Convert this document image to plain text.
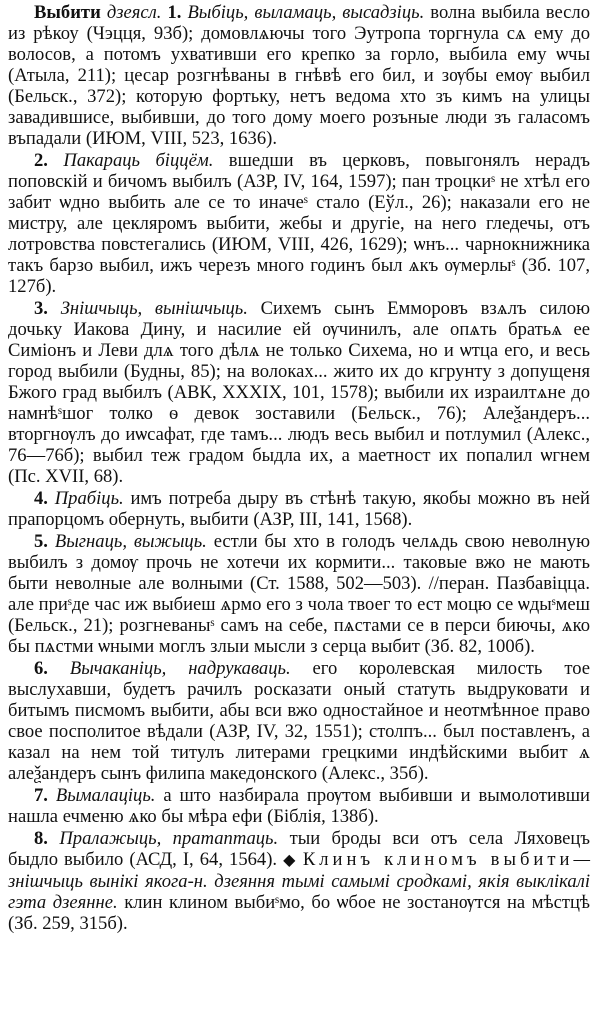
Выбити дзеясл. 1. Выбіць, выламаць, высадзіць. волна выбила весло из рѣкоу (Чэцця, 93б); домовлѧючы того Эутропа торгнула сѧ ему до волосов, а потомъ ухвативши его крепко за горло, выбила ему ѡчы (Атыла, 211); цесар розгнѣваны в гнѣвѣ его бил, и зѹбы емѹ выбил (Бельск., 372); которую фортьку, нетъ ведома хто зъ кимъ на улицы завадившисе, выбивши, до того дому моего розъные люди зъ галасомъ въпадали (ИЮМ, VIII, 523, 1636).

2. Пакараць біццём. вшедши въ церковъ, повыгонялъ нерадъ поповскій и бичомъ выбилъ (АЗР, IV, 164, 1597); пан троцкиˢ не хтѣл его забит ѡдно выбить але се то иначеˢ стало (Еўл., 26); наказали его не мистру, але цекляромъ выбити, жебы и другіе, на него гледечы, отъ лотровства повстегались (ИЮМ, VIII, 426, 1629); ѡнъ... чарнокнижника такъ барзо выбил, ижъ черезъ много годинъ был ѧкъ ѹмерлыˢ (Зб. 107, 127б).

3. Знішчыць, вынішчыць. Сихемъ сынъ Емморовъ взѧлъ силою дочьку Иакова Дину, и насилие ей ѹчинилъ, але опѧть братьѧ ее Симіонъ и Леви длѧ того дѣлѧ не только Сихема, но и ѡтца его, и весь город выбили (Будны, 85); на волоках... жито их до кгрунту з допущеня Бжого град выбилъ (АВК, XXXIX, 101, 1578); выбили их израилтѧне до намнѣˢшог толко ѳ девок зоставили (Бельск., 76); Алеѯандеръ... вторгнѹлъ до иѡсафат, где тамъ... людъ весь выбил и потлумил (Алекс., 76—76б); выбил теж градом быдла их, а маетност их попалил ѡгнем (Пс. XVII, 68).

4. Прабіць. имъ потреба дыру въ стѣнѣ такую, якобы можно въ ней прапорцомъ обернуть, выбити (АЗР, III, 141, 1568).

5. Выгнаць, выжыць. естли бы хто в голодъ челѧдь свою неволную выбилъ з домѹ прочь не хотечи их кормити... таковые вжо не мають быти неволные але волными (Ст. 1588, 502—503). //перан. Пазбавіцца. але приˢде час иж выбиеш ѧрмо его з чола твоег то ест моцю се ѡдыˢмеш (Бельск., 21); розгневаныˢ самъ на себе, пѧстами се в перси биючы, ѧко бы пѧстми ѡными моглъ злыи мысли з серца выбит (Зб. 82, 100б).

6. Вычаканіць, надрукаваць. его королевская милость тое выслухавши, будетъ рачилъ росказати оный статуть выдруковати и битымъ писмомъ выбити, абы вси вжо одностайное и неотмѣнное право свое посполитое вѣдали (АЗР, IV, 32, 1551); столпъ... был поставленъ, а казал на нем той титулъ литерами грецкими индѣйскими выбит ѧ алеѯандеръ сынъ филипа македонского (Алекс., 35б).

7. Вымалаціць. а што назбирала прѹтом выбивши и вымолотивши нашла ечменю ѧко бы мѣра ефи (Біблія, 138б).

8. Пралажыць, пратаптаць. тыи броды вси отъ села Ляховецъ быдло выбило (АСД, I, 64, 1564). ◆ Клинъ клиномъ выбити—знішчыць вынікі якога-н. дзеяння тымі самымі сродкамі, якія выклікалі гэта дзеянне. клин клином выбиˢмо, бо ѡбое не зостанѹтся на мѣстцѣ (Зб. 259, 315б).
